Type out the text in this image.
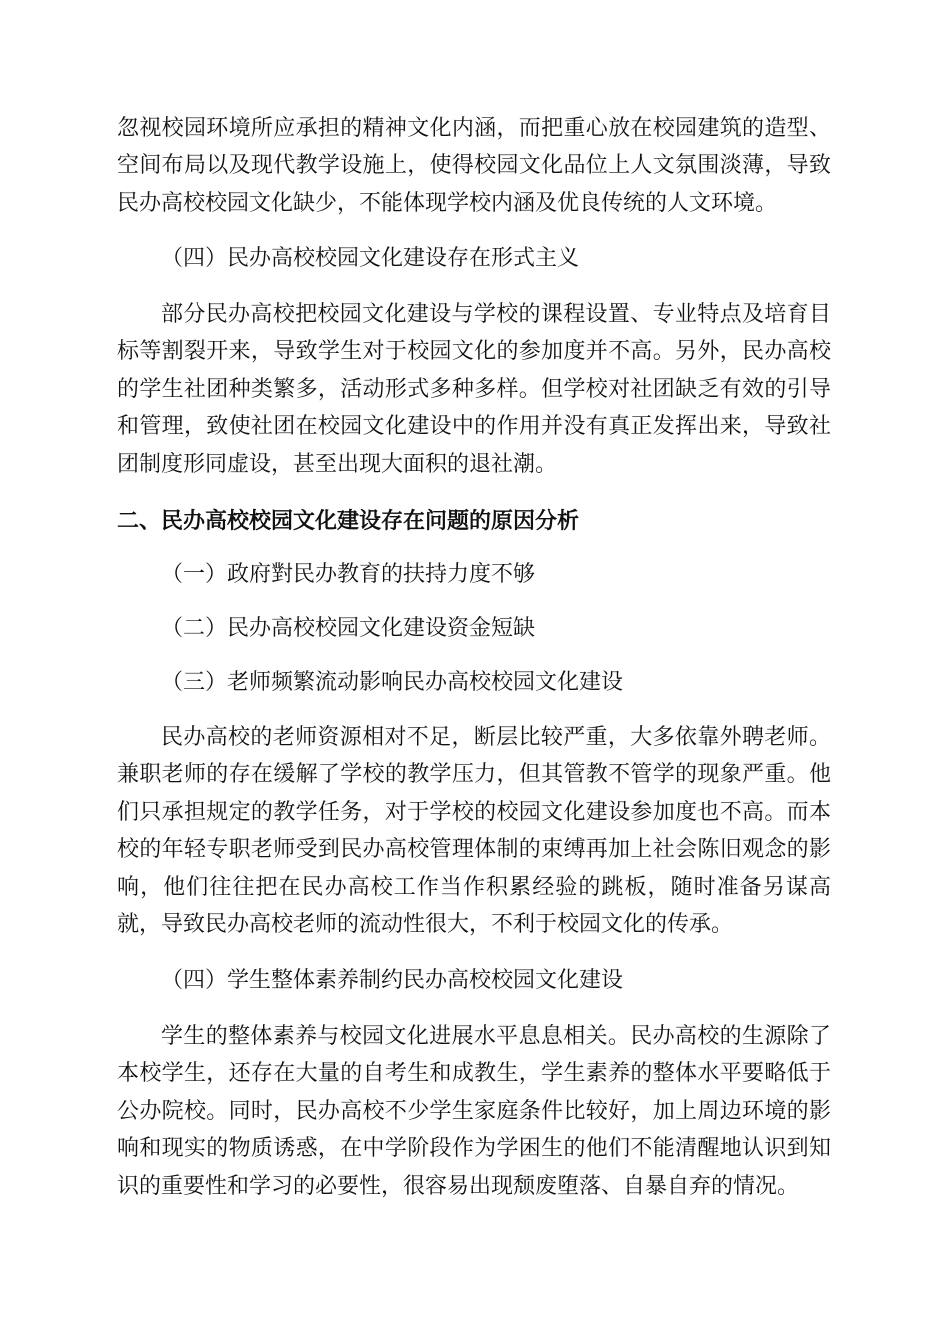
忽视校园环境所应承担的精神文化内涵，而把重心放在校园建筑的造型、空间布局以及现代教学设施上，使得校园文化品位上人文氛围淡薄，导致民办高校校园文化缺少，不能体现学校内涵及优良传统的人文环境。

（四）民办高校校园文化建设存在形式主义

部分民办高校把校园文化建设与学校的课程设置、专业特点及培育目标等割裂开来，导致学生对于校园文化的参加度并不高。另外，民办高校的学生社团种类繁多，活动形式多种多样。但学校对社团缺乏有效的引导和管理，致使社团在校园文化建设中的作用并没有真正发挥出来，导致社团制度形同虚设，甚至出现大面积的退社潮。

二、民办高校校园文化建设存在问题的原因分析

（一）政府對民办教育的扶持力度不够

（二）民办高校校园文化建设资金短缺

（三）老师频繁流动影响民办高校校园文化建设

民办高校的老师资源相对不足，断层比较严重，大多依靠外聘老师。兼职老师的存在缓解了学校的教学压力，但其管教不管学的现象严重。他们只承担规定的教学任务，对于学校的校园文化建设参加度也不高。而本校的年轻专职老师受到民办高校管理体制的束缚再加上社会陈旧观念的影响，他们往往把在民办高校工作当作积累经验的跳板，随时准备另谋高就，导致民办高校老师的流动性很大，不利于校园文化的传承。

（四）学生整体素养制约民办高校校园文化建设

学生的整体素养与校园文化进展水平息息相关。民办高校的生源除了本校学生，还存在大量的自考生和成教生，学生素养的整体水平要略低于公办院校。同时，民办高校不少学生家庭条件比较好，加上周边环境的影响和现实的物质诱惑，在中学阶段作为学困生的他们不能清醒地认识到知识的重要性和学习的必要性，很容易出现颓废堕落、自暴自弃的情况。
